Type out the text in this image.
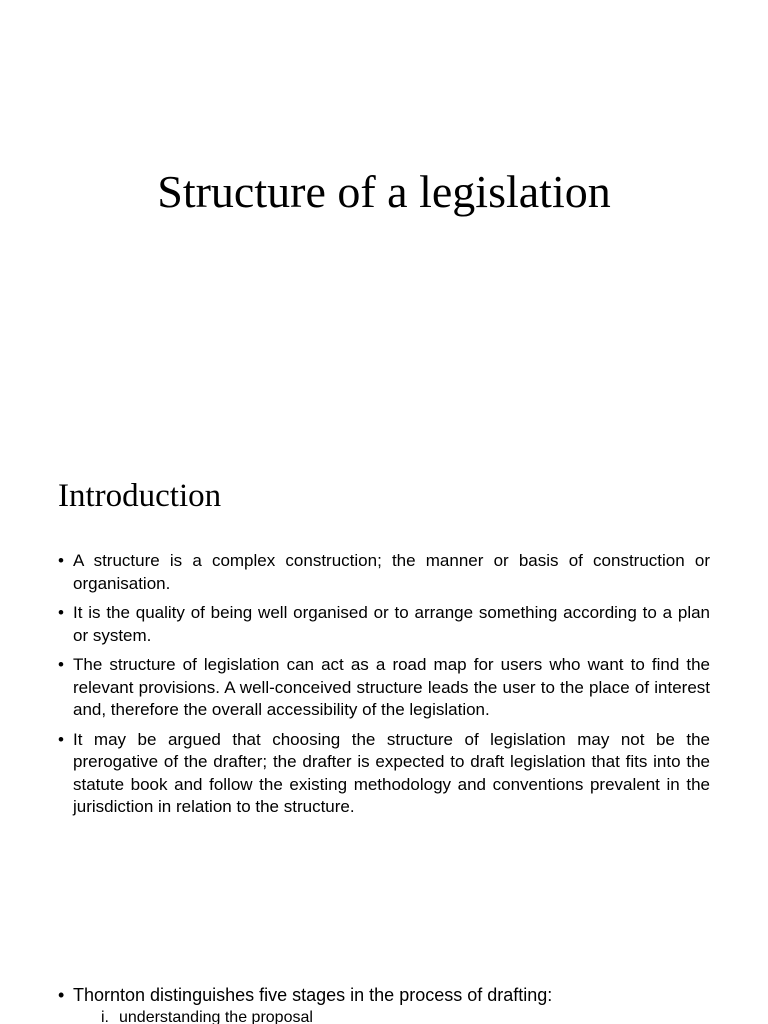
Structure of a legislation
Introduction
• A structure is a complex construction; the manner or basis of construction or organisation.
• It is the quality of being well organised or to arrange something according to a plan or system.
• The structure of legislation can act as a road map for users who want to find the relevant provisions. A well-conceived structure leads the user to the place of interest and, therefore the overall accessibility of the legislation.
• It may be argued that choosing the structure of legislation may not be the prerogative of the drafter; the drafter is expected to draft legislation that fits into the statute book and follow the existing methodology and conventions prevalent in the jurisdiction in relation to the structure.
• Thornton distinguishes five stages in the process of drafting:
i. understanding the proposal
